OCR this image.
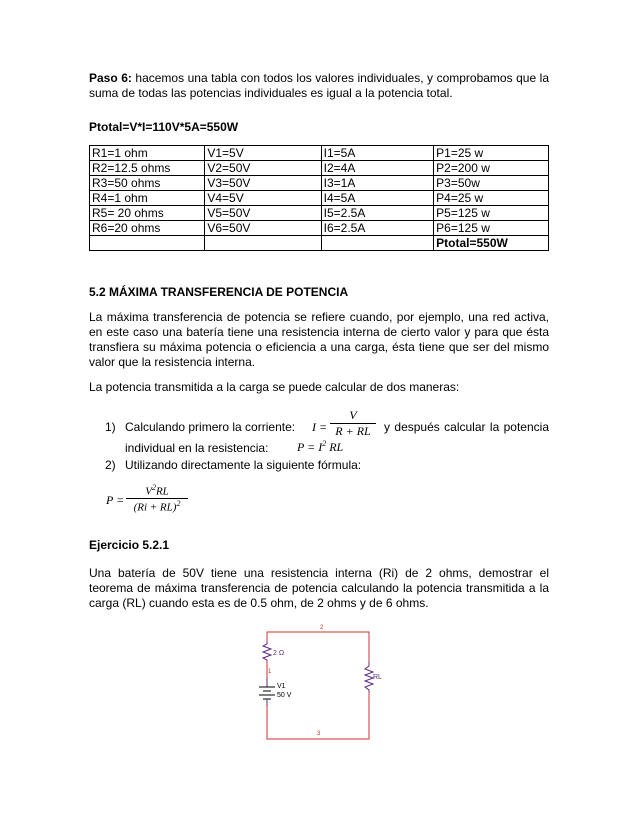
Paso 6: hacemos una tabla con todos los valores individuales, y comprobamos que la suma de todas las potencias individuales es igual a la potencia total.

Ptotal=V*I=110V*5A=550W
R1=1 ohm	V1=5V	I1=5A	P1=25 w
R2=12.5 ohms	V2=50V	I2=4A	P2=200 w
R3=50 ohms	V3=50V	I3=1A	P3=50w
R4=1 ohm	V4=5V	I4=5A	P4=25 w
R5= 20 ohms	V5=50V	I5=2.5A	P5=125 w
R6=20 ohms	V6=50V	I6=2.5A	P6=125 w
			Ptotal=550W
5.2 MÁXIMA TRANSFERENCIA DE POTENCIA

La máxima transferencia de potencia se refiere cuando, por ejemplo, una red activa, en este caso una batería tiene una resistencia interna de cierto valor y para que ésta transfiera su máxima potencia o eficiencia a una carga, ésta tiene que ser del mismo valor que la resistencia interna.

La potencia transmitida a la carga se puede calcular de dos maneras:
1) Calculando primero la corriente: I =
V
R + RL	y después calcular la potencia
individual en la resistencia: $P = I^2$ RL
2) Utilizando directamente la siguiente fórmula:
P =
$V^2RL$
(Ri + RL)$^2$
Ejercicio 5.2.1

Una batería de 50V tiene una resistencia interna (Ri) de 2 ohms, demostrar el teorema de máxima transferencia de potencia calculando la potencia transmitida a la carga (RL) cuando esta es de 0.5 ohm, de 2 ohms y de 6 ohms.

2
1
3
2 Ω
RL
V1
50 V
